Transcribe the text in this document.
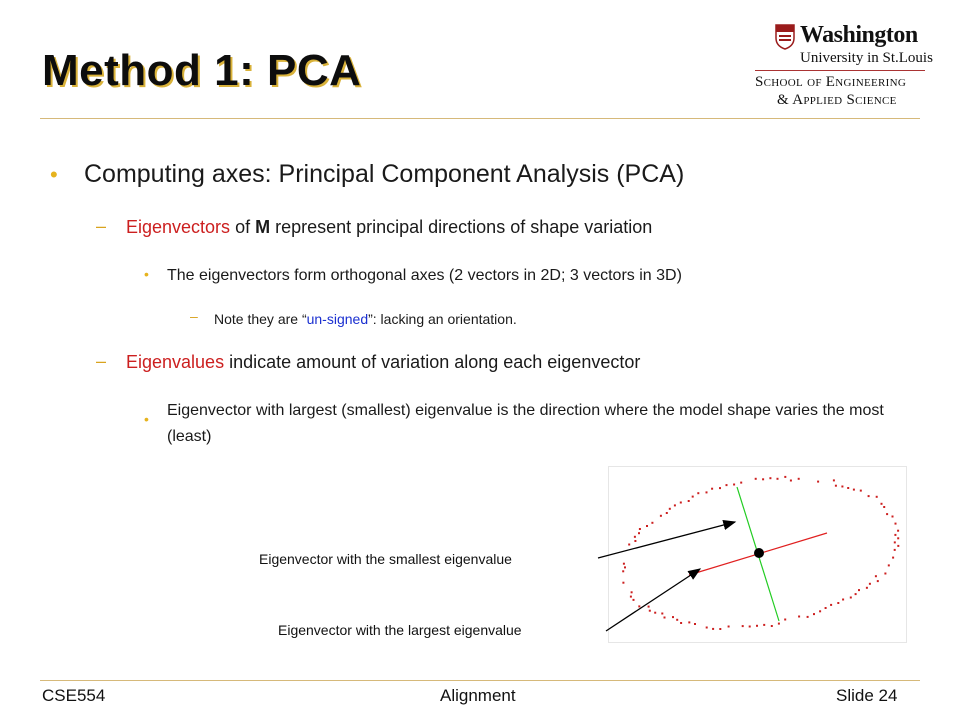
Method 1: PCA
Washington
University in St.Louis
School of Engineering
& Applied Science
• Computing axes: Principal Component Analysis (PCA)
– Eigenvectors of M represent principal directions of shape variation
• The eigenvectors form orthogonal axes (2 vectors in 2D; 3 vectors in 3D)
– Note they are “un-signed”: lacking an orientation.
– Eigenvalues indicate amount of variation along each eigenvector
• Eigenvector with largest (smallest) eigenvalue is the direction where the model shape varies the most (least)
Eigenvector with the smallest eigenvalue
Eigenvector with the largest eigenvalue
CSE554	Alignment	Slide 24
